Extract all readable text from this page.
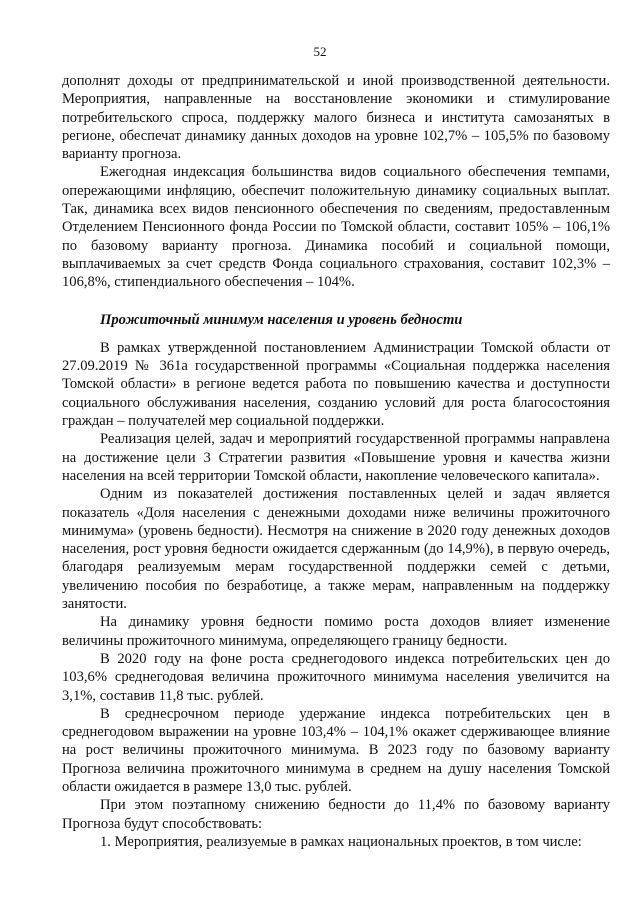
52

дополнят доходы от предпринимательской и иной производственной деятельности. Мероприятия, направленные на восстановление экономики и стимулирование потребительского спроса, поддержку малого бизнеса и института самозанятых в регионе, обеспечат динамику данных доходов на уровне 102,7% – 105,5% по базовому варианту прогноза.

Ежегодная индексация большинства видов социального обеспечения темпами, опережающими инфляцию, обеспечит положительную динамику социальных выплат. Так, динамика всех видов пенсионного обеспечения по сведениям, предоставленным Отделением Пенсионного фонда России по Томской области, составит 105% – 106,1% по базовому варианту прогноза. Динамика пособий и социальной помощи, выплачиваемых за счет средств Фонда социального страхования, составит 102,3% – 106,8%, стипендиального обеспечения – 104%.

Прожиточный минимум населения и уровень бедности

В рамках утвержденной постановлением Администрации Томской области от 27.09.2019 № 361а государственной программы «Социальная поддержка населения Томской области» в регионе ведется работа по повышению качества и доступности социального обслуживания населения, созданию условий для роста благосостояния граждан – получателей мер социальной поддержки.

Реализация целей, задач и мероприятий государственной программы направлена на достижение цели 3 Стратегии развития «Повышение уровня и качества жизни населения на всей территории Томской области, накопление человеческого капитала».

Одним из показателей достижения поставленных целей и задач является показатель «Доля населения с денежными доходами ниже величины прожиточного минимума» (уровень бедности). Несмотря на снижение в 2020 году денежных доходов населения, рост уровня бедности ожидается сдержанным (до 14,9%), в первую очередь, благодаря реализуемым мерам государственной поддержки семей с детьми, увеличению пособия по безработице, а также мерам, направленным на поддержку занятости.

На динамику уровня бедности помимо роста доходов влияет изменение величины прожиточного минимума, определяющего границу бедности.

В 2020 году на фоне роста среднегодового индекса потребительских цен до 103,6% среднегодовая величина прожиточного минимума населения увеличится на 3,1%, составив 11,8 тыс. рублей.

В среднесрочном периоде удержание индекса потребительских цен в среднегодовом выражении на уровне 103,4% – 104,1% окажет сдерживающее влияние на рост величины прожиточного минимума. В 2023 году по базовому варианту Прогноза величина прожиточного минимума в среднем на душу населения Томской области ожидается в размере 13,0 тыс. рублей.

При этом поэтапному снижению бедности до 11,4% по базовому варианту Прогноза будут способствовать:

1. Мероприятия, реализуемые в рамках национальных проектов, в том числе:
